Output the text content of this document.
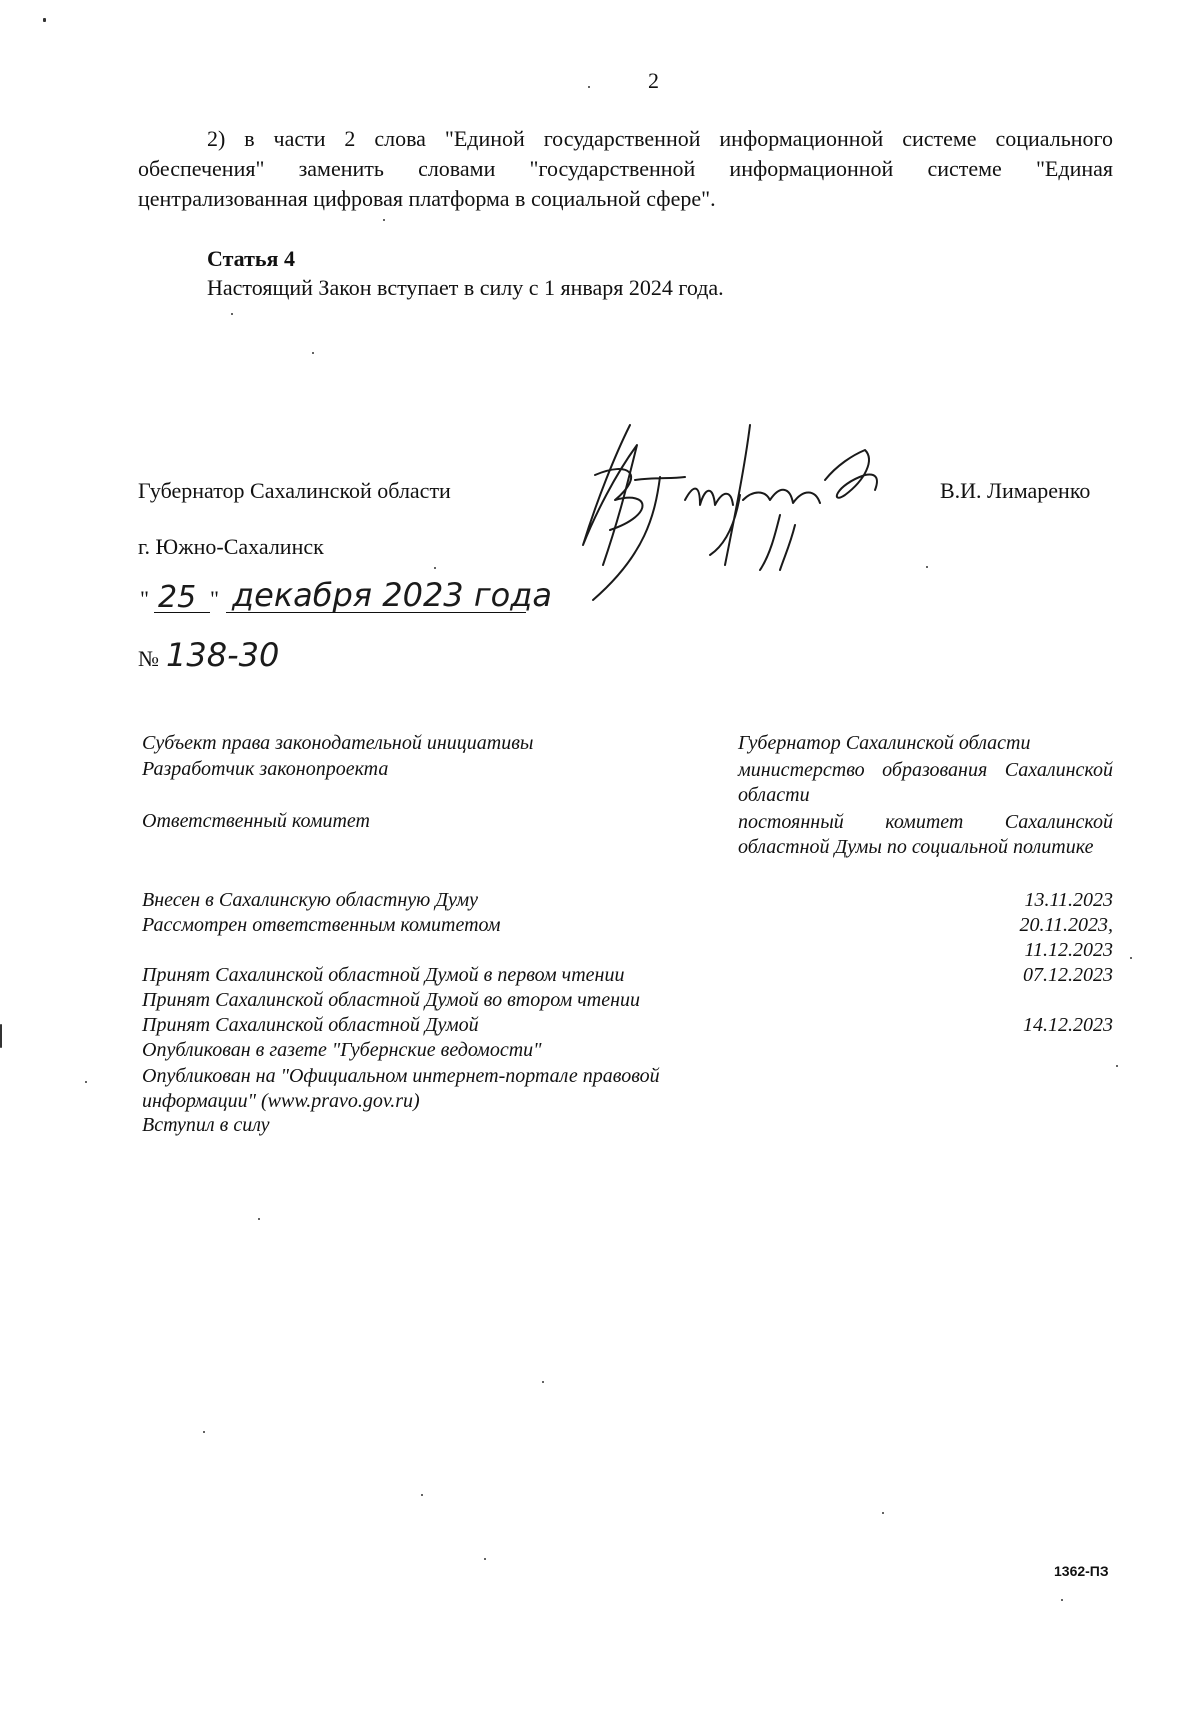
2
2) в части 2 слова "Единой государственной информационной системе социального обеспечения" заменить словами "государственной информационной системе "Единая централизованная цифровая платформа в социальной сфере".
Статья 4
Настоящий Закон вступает в силу с 1 января 2024 года.
Губернатор Сахалинской области	В.И. Лимаренко
г. Южно-Сахалинск
" 25 " декабря 2023 года
№ 138-30
Субъект права законодательной инициативы
Разработчик законопроекта
Ответственный комитет
Внесен в Сахалинскую областную Думу
Рассмотрен ответственным комитетом
Принят Сахалинской областной Думой в первом чтении
Принят Сахалинской областной Думой во втором чтении
Принят Сахалинской областной Думой
Опубликован в газете "Губернские ведомости"
Опубликован на "Официальном интернет-портале правовой информации" (www.pravo.gov.ru)
Вступил в силу
Губернатор Сахалинской области
министерство образования Сахалинской области
постоянный комитет Сахалинской областной Думы по социальной политике
13.11.2023
20.11.2023,
11.12.2023
07.12.2023
14.12.2023
1362-ПЗ
